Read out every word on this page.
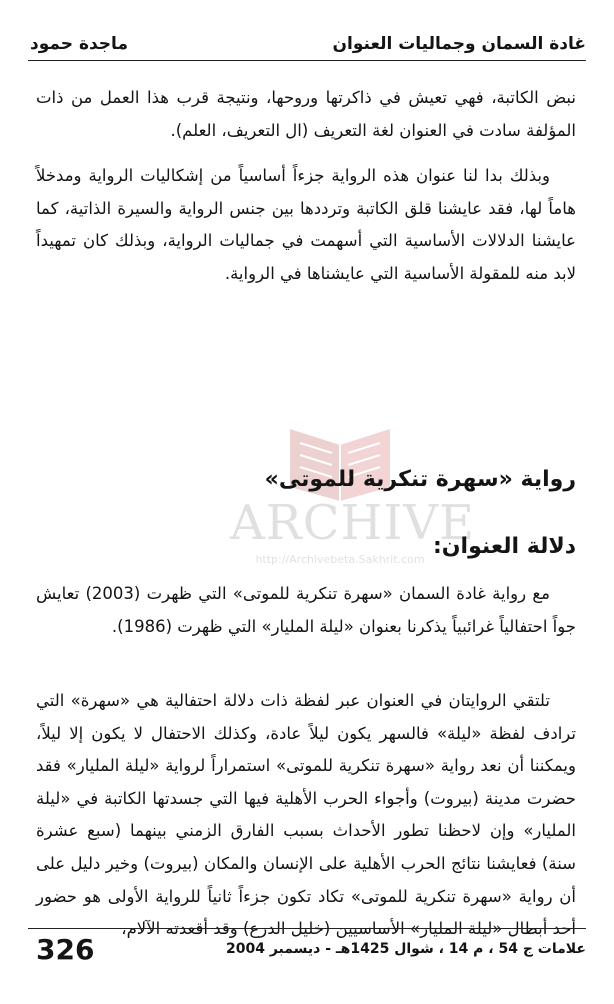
غادة السمان وجماليات العنوان
ماجدة حمود
ARCHIVE
http://Archivebeta.Sakhrit.com

نبض الكاتبة، فهي تعيش في ذاكرتها وروحها، ونتيجة قرب هذا العمل من ذات المؤلفة سادت في العنوان لغة التعريف (ال التعريف، العلم).

وبذلك بدا لنا عنوان هذه الرواية جزءاً أساسياً من إشكاليات الرواية ومدخلاً هاماً لها، فقد عايشنا قلق الكاتبة وترددها بين جنس الرواية والسيرة الذاتية، كما عايشنا الدلالات الأساسية التي أسهمت في جماليات الرواية، وبذلك كان تمهيداً لابد منه للمقولة الأساسية التي عايشناها في الرواية.

رواية «سهرة تنكرية للموتى»
دلالة العنوان:

مع رواية غادة السمان «سهرة تنكرية للموتى» التي ظهرت (2003) تعايش جواً احتفالياً غرائبياً يذكرنا بعنوان «ليلة المليار» التي ظهرت (1986).

تلتقي الروايتان في العنوان عبر لفظة ذات دلالة احتفالية هي «سهرة» التي ترادف لفظة «ليلة» فالسهر يكون ليلاً عادة، وكذلك الاحتفال لا يكون إلا ليلاً، ويمكننا أن نعد رواية «سهرة تنكرية للموتى» استمراراً لرواية «ليلة المليار» فقد حضرت مدينة (بيروت) وأجواء الحرب الأهلية فيها التي جسدتها الكاتبة في «ليلة المليار» وإن لاحظنا تطور الأحداث بسبب الفارق الزمني بينهما (سبع عشرة سنة) فعايشنا نتائج الحرب الأهلية على الإنسان والمكان (بيروت) وخير دليل على أن رواية «سهرة تنكرية للموتى» تكاد تكون جزءاً ثانياً للرواية الأولى هو حضور أحد أبطال «ليلة المليار» الأساسيين (خليل الدرع) وقد أقعدته الآلام،

326	علامات ج 54 ، م 14 ، شوال 1425هـ - ديسمبر 2004
